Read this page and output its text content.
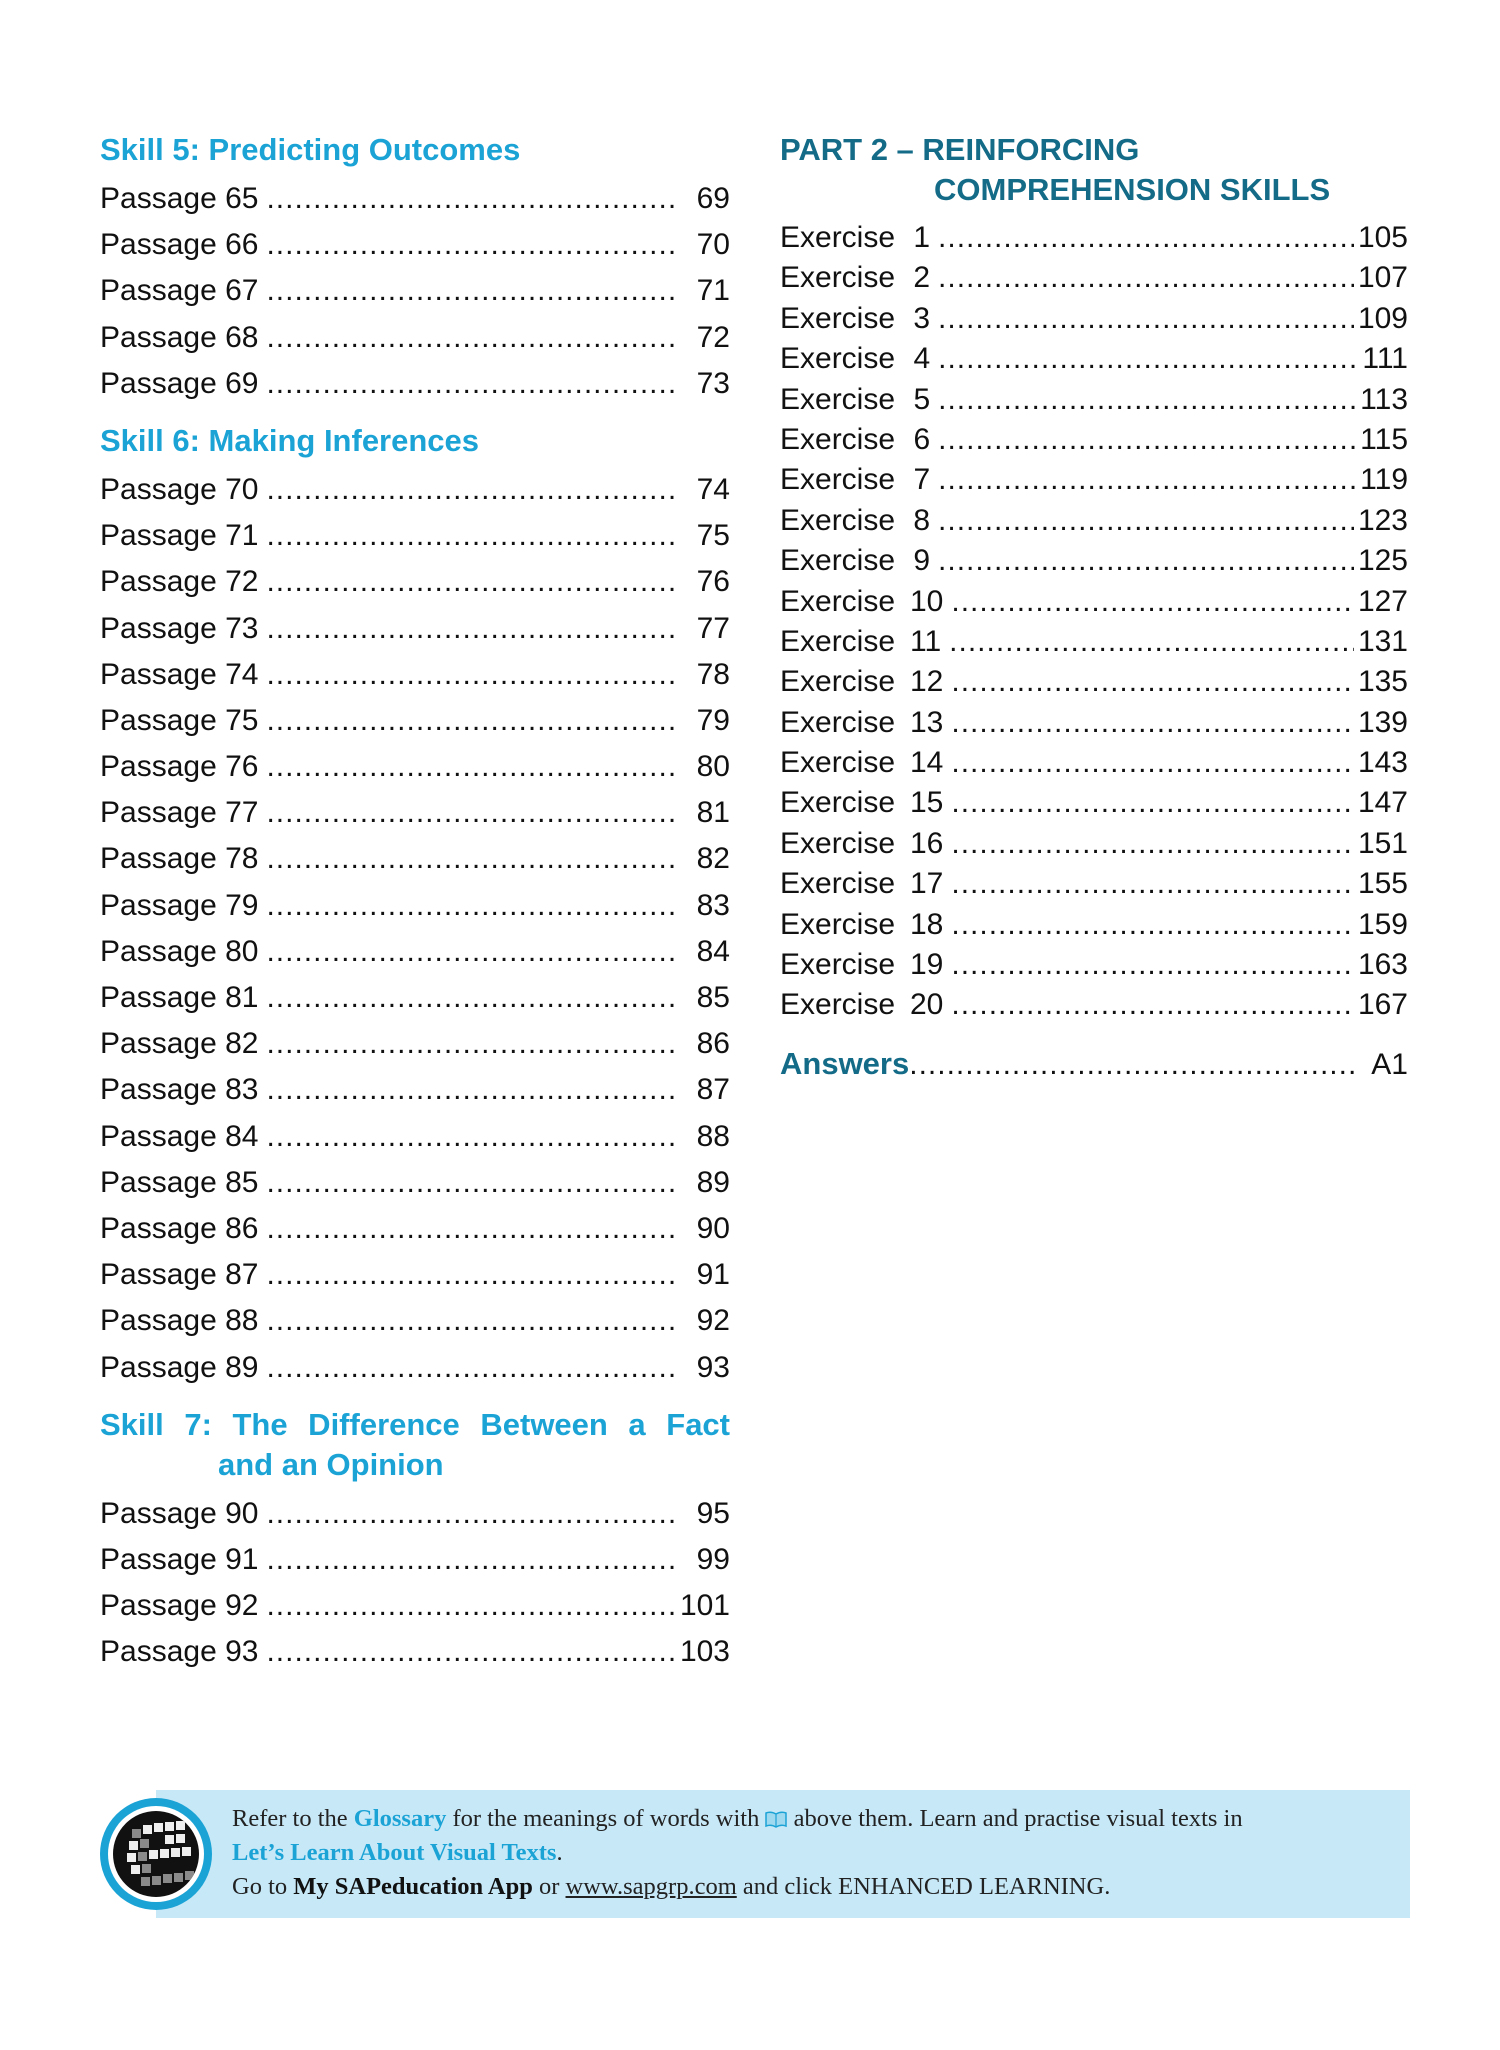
Skill 5: Predicting Outcomes
Passage 65 .....	69
Passage 66 .....	70
Passage 67 .....	71
Passage 68 .....	72
Passage 69 .....	73
Skill 6: Making Inferences
Passage 70 .....	74
Passage 71 .....	75
Passage 72 .....	76
Passage 73 .....	77
Passage 74 .....	78
Passage 75 .....	79
Passage 76 .....	80
Passage 77 .....	81
Passage 78 .....	82
Passage 79 .....	83
Passage 80 .....	84
Passage 81 .....	85
Passage 82 .....	86
Passage 83 .....	87
Passage 84 .....	88
Passage 85 .....	89
Passage 86 .....	90
Passage 87 .....	91
Passage 88 .....	92
Passage 89 .....	93
Skill 7: The Difference Between a Fact
and an Opinion
Passage 90 .....	95
Passage 91 .....	99
Passage 92 .....	101
Passage 93 .....	103
PART 2 – REINFORCING
COMPREHENSION SKILLS
Exercise 1 .....	105
Exercise 2 .....	107
Exercise 3 .....	109
Exercise 4 .....	111
Exercise 5 .....	113
Exercise 6 .....	115
Exercise 7 .....	119
Exercise 8 .....	123
Exercise 9 .....	125
Exercise 10 .....	127
Exercise 11 .....	131
Exercise 12 .....	135
Exercise 13 .....	139
Exercise 14 .....	143
Exercise 15 .....	147
Exercise 16 .....	151
Exercise 17 .....	155
Exercise 18 .....	159
Exercise 19 .....	163
Exercise 20 .....	167
Answers .....	A1
Refer to the Glossary for the meanings of words with  above them. Learn and practise visual texts in
Let’s Learn About Visual Texts.
Go to My SAPeducation App or www.sapgrp.com and click ENHANCED LEARNING.
